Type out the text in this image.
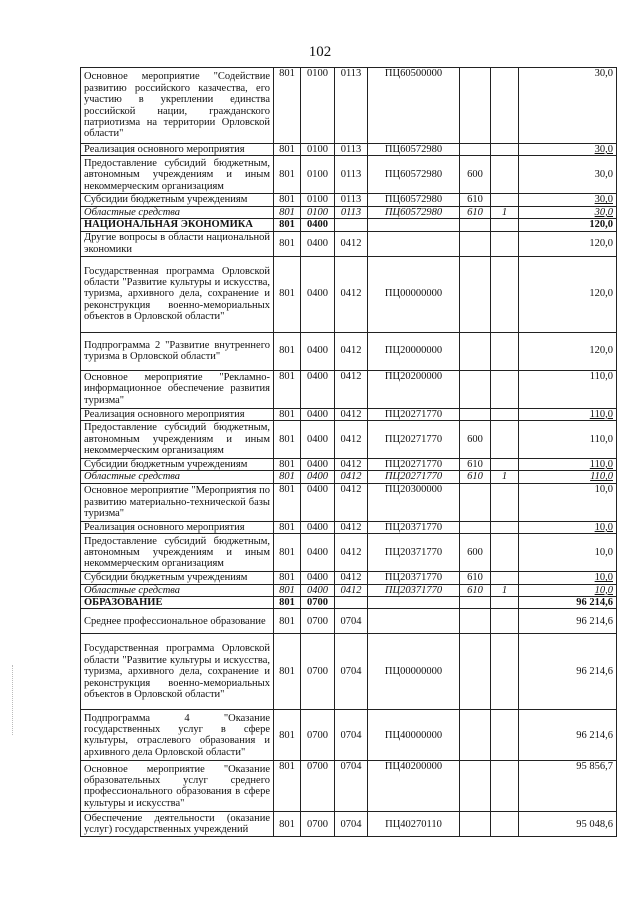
102
Основное мероприятие "Содействие развитию российского казачества, его участию в укреплении единства российской нации, гражданского патриотизма на территории Орловской области"	801	0100	0113	ПЦ60500000			30,0
Реализация основного мероприятия	801	0100	0113	ПЦ60572980			30,0
Предоставление субсидий бюджетным, автономным учреждениям и иным некоммерческим организациям	801	0100	0113	ПЦ60572980	600		30,0
Субсидии бюджетным учреждениям	801	0100	0113	ПЦ60572980	610		30,0
Областные средства	801	0100	0113	ПЦ60572980	610	1	30,0
НАЦИОНАЛЬНАЯ ЭКОНОМИКА	801	0400					120,0
Другие вопросы в области национальной экономики	801	0400	0412				120,0
Государственная программа Орловской области "Развитие культуры и искусства, туризма, архивного дела, сохранение и реконструкция военно-мемориальных объектов в Орловской области"	801	0400	0412	ПЦ00000000			120,0
Подпрограмма 2 "Развитие внутреннего туризма в Орловской области"	801	0400	0412	ПЦ20000000			120,0
Основное мероприятие "Рекламно-информационное обеспечение развития туризма"	801	0400	0412	ПЦ20200000			110,0
Реализация основного мероприятия	801	0400	0412	ПЦ20271770			110,0
Предоставление субсидий бюджетным, автономным учреждениям и иным некоммерческим организациям	801	0400	0412	ПЦ20271770	600		110,0
Субсидии бюджетным учреждениям	801	0400	0412	ПЦ20271770	610		110,0
Областные средства	801	0400	0412	ПЦ20271770	610	1	110,0
Основное мероприятие "Мероприятия по развитию материально-технической базы туризма"	801	0400	0412	ПЦ20300000			10,0
Реализация основного мероприятия	801	0400	0412	ПЦ20371770			10,0
Предоставление субсидий бюджетным, автономным учреждениям и иным некоммерческим организациям	801	0400	0412	ПЦ20371770	600		10,0
Субсидии бюджетным учреждениям	801	0400	0412	ПЦ20371770	610		10,0
Областные средства	801	0400	0412	ПЦ20371770	610	1	10,0
ОБРАЗОВАНИЕ	801	0700					96 214,6
Среднее профессиональное образование	801	0700	0704				96 214,6
Государственная программа Орловской области "Развитие культуры и искусства, туризма, архивного дела, сохранение и реконструкция военно-мемориальных объектов в Орловской области"	801	0700	0704	ПЦ00000000			96 214,6
Подпрограмма 4 "Оказание государственных услуг в сфере культуры, отраслевого образования и архивного дела Орловской области"	801	0700	0704	ПЦ40000000			96 214,6
Основное мероприятие "Оказание образовательных услуг среднего профессионального образования в сфере культуры и искусства"	801	0700	0704	ПЦ40200000			95 856,7
Обеспечение деятельности (оказание услуг) государственных учреждений	801	0700	0704	ПЦ40270110			95 048,6
